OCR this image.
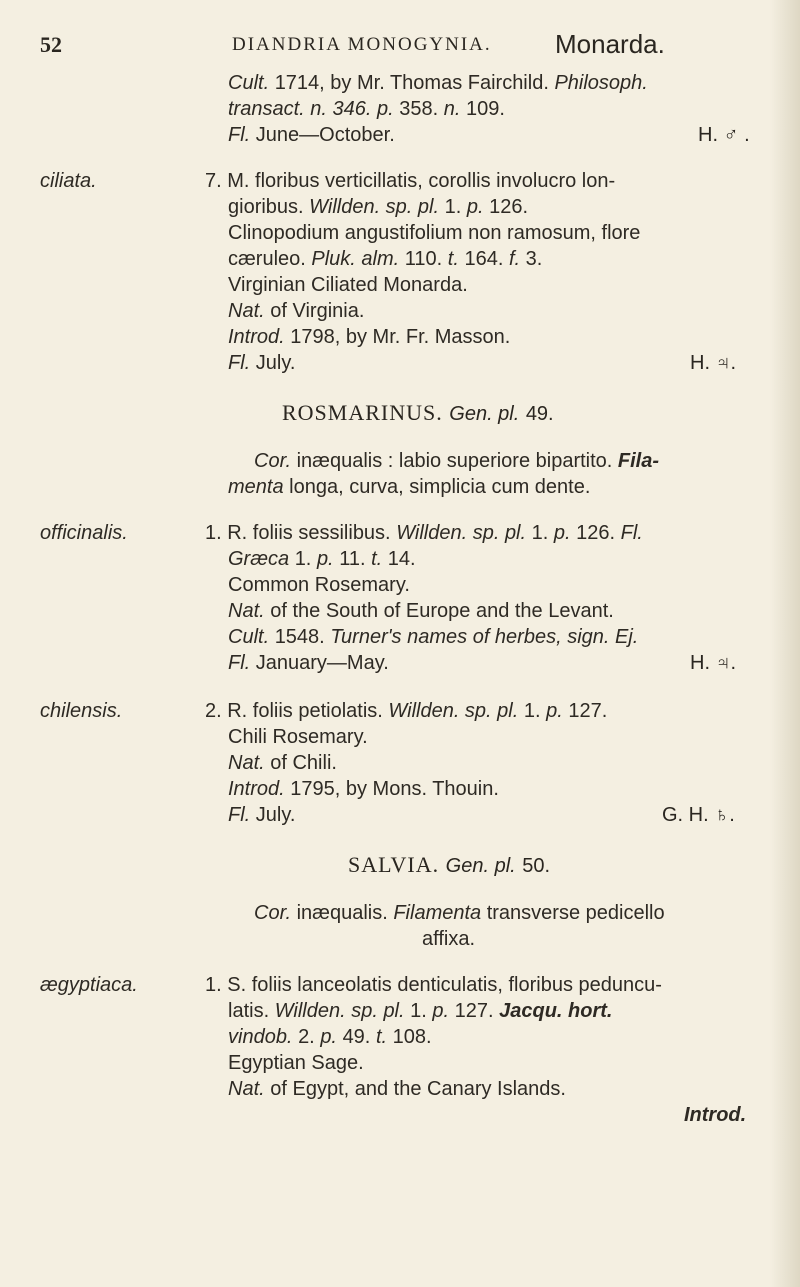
52	DIANDRIA MONOGYNIA. Monarda.
Cult. 1714, by Mr. Thomas Fairchild. Philosoph.
transact. n. 346. p. 358. n. 109.
Fl. June—October.	H. ♂ .
ciliata.	7. M. floribus verticillatis, corollis involucro lon-
gioribus. Willden. sp. pl. 1. p. 126.
Clinopodium angustifolium non ramosum, flore
cæruleo. Pluk. alm. 110. t. 164. f. 3.
Virginian Ciliated Monarda.
Nat. of Virginia.
Introd. 1798, by Mr. Fr. Masson.
Fl. July.	H. ♃.
ROSMARINUS. Gen. pl. 49.
Cor. inæqualis : labio superiore bipartito. Fila-
menta longa, curva, simplicia cum dente.
officinalis.	1. R. foliis sessilibus. Willden. sp. pl. 1. p. 126. Fl.
Græca 1. p. 11. t. 14.
Common Rosemary.
Nat. of the South of Europe and the Levant.
Cult. 1548. Turner's names of herbes, sign. Ej.
Fl. January—May.	H. ♃.
chilensis.	2. R. foliis petiolatis. Willden. sp. pl. 1. p. 127.
Chili Rosemary.
Nat. of Chili.
Introd. 1795, by Mons. Thouin.
Fl. July.	G. H. ♄.
SALVIA. Gen. pl. 50.
Cor. inæqualis. Filamenta transverse pedicello
affixa.
ægyptiaca.	1. S. foliis lanceolatis denticulatis, floribus peduncu-
latis. Willden. sp. pl. 1. p. 127. Jacqu. hort.
vindob. 2. p. 49. t. 108.
Egyptian Sage.
Nat. of Egypt, and the Canary Islands.
Introd.
